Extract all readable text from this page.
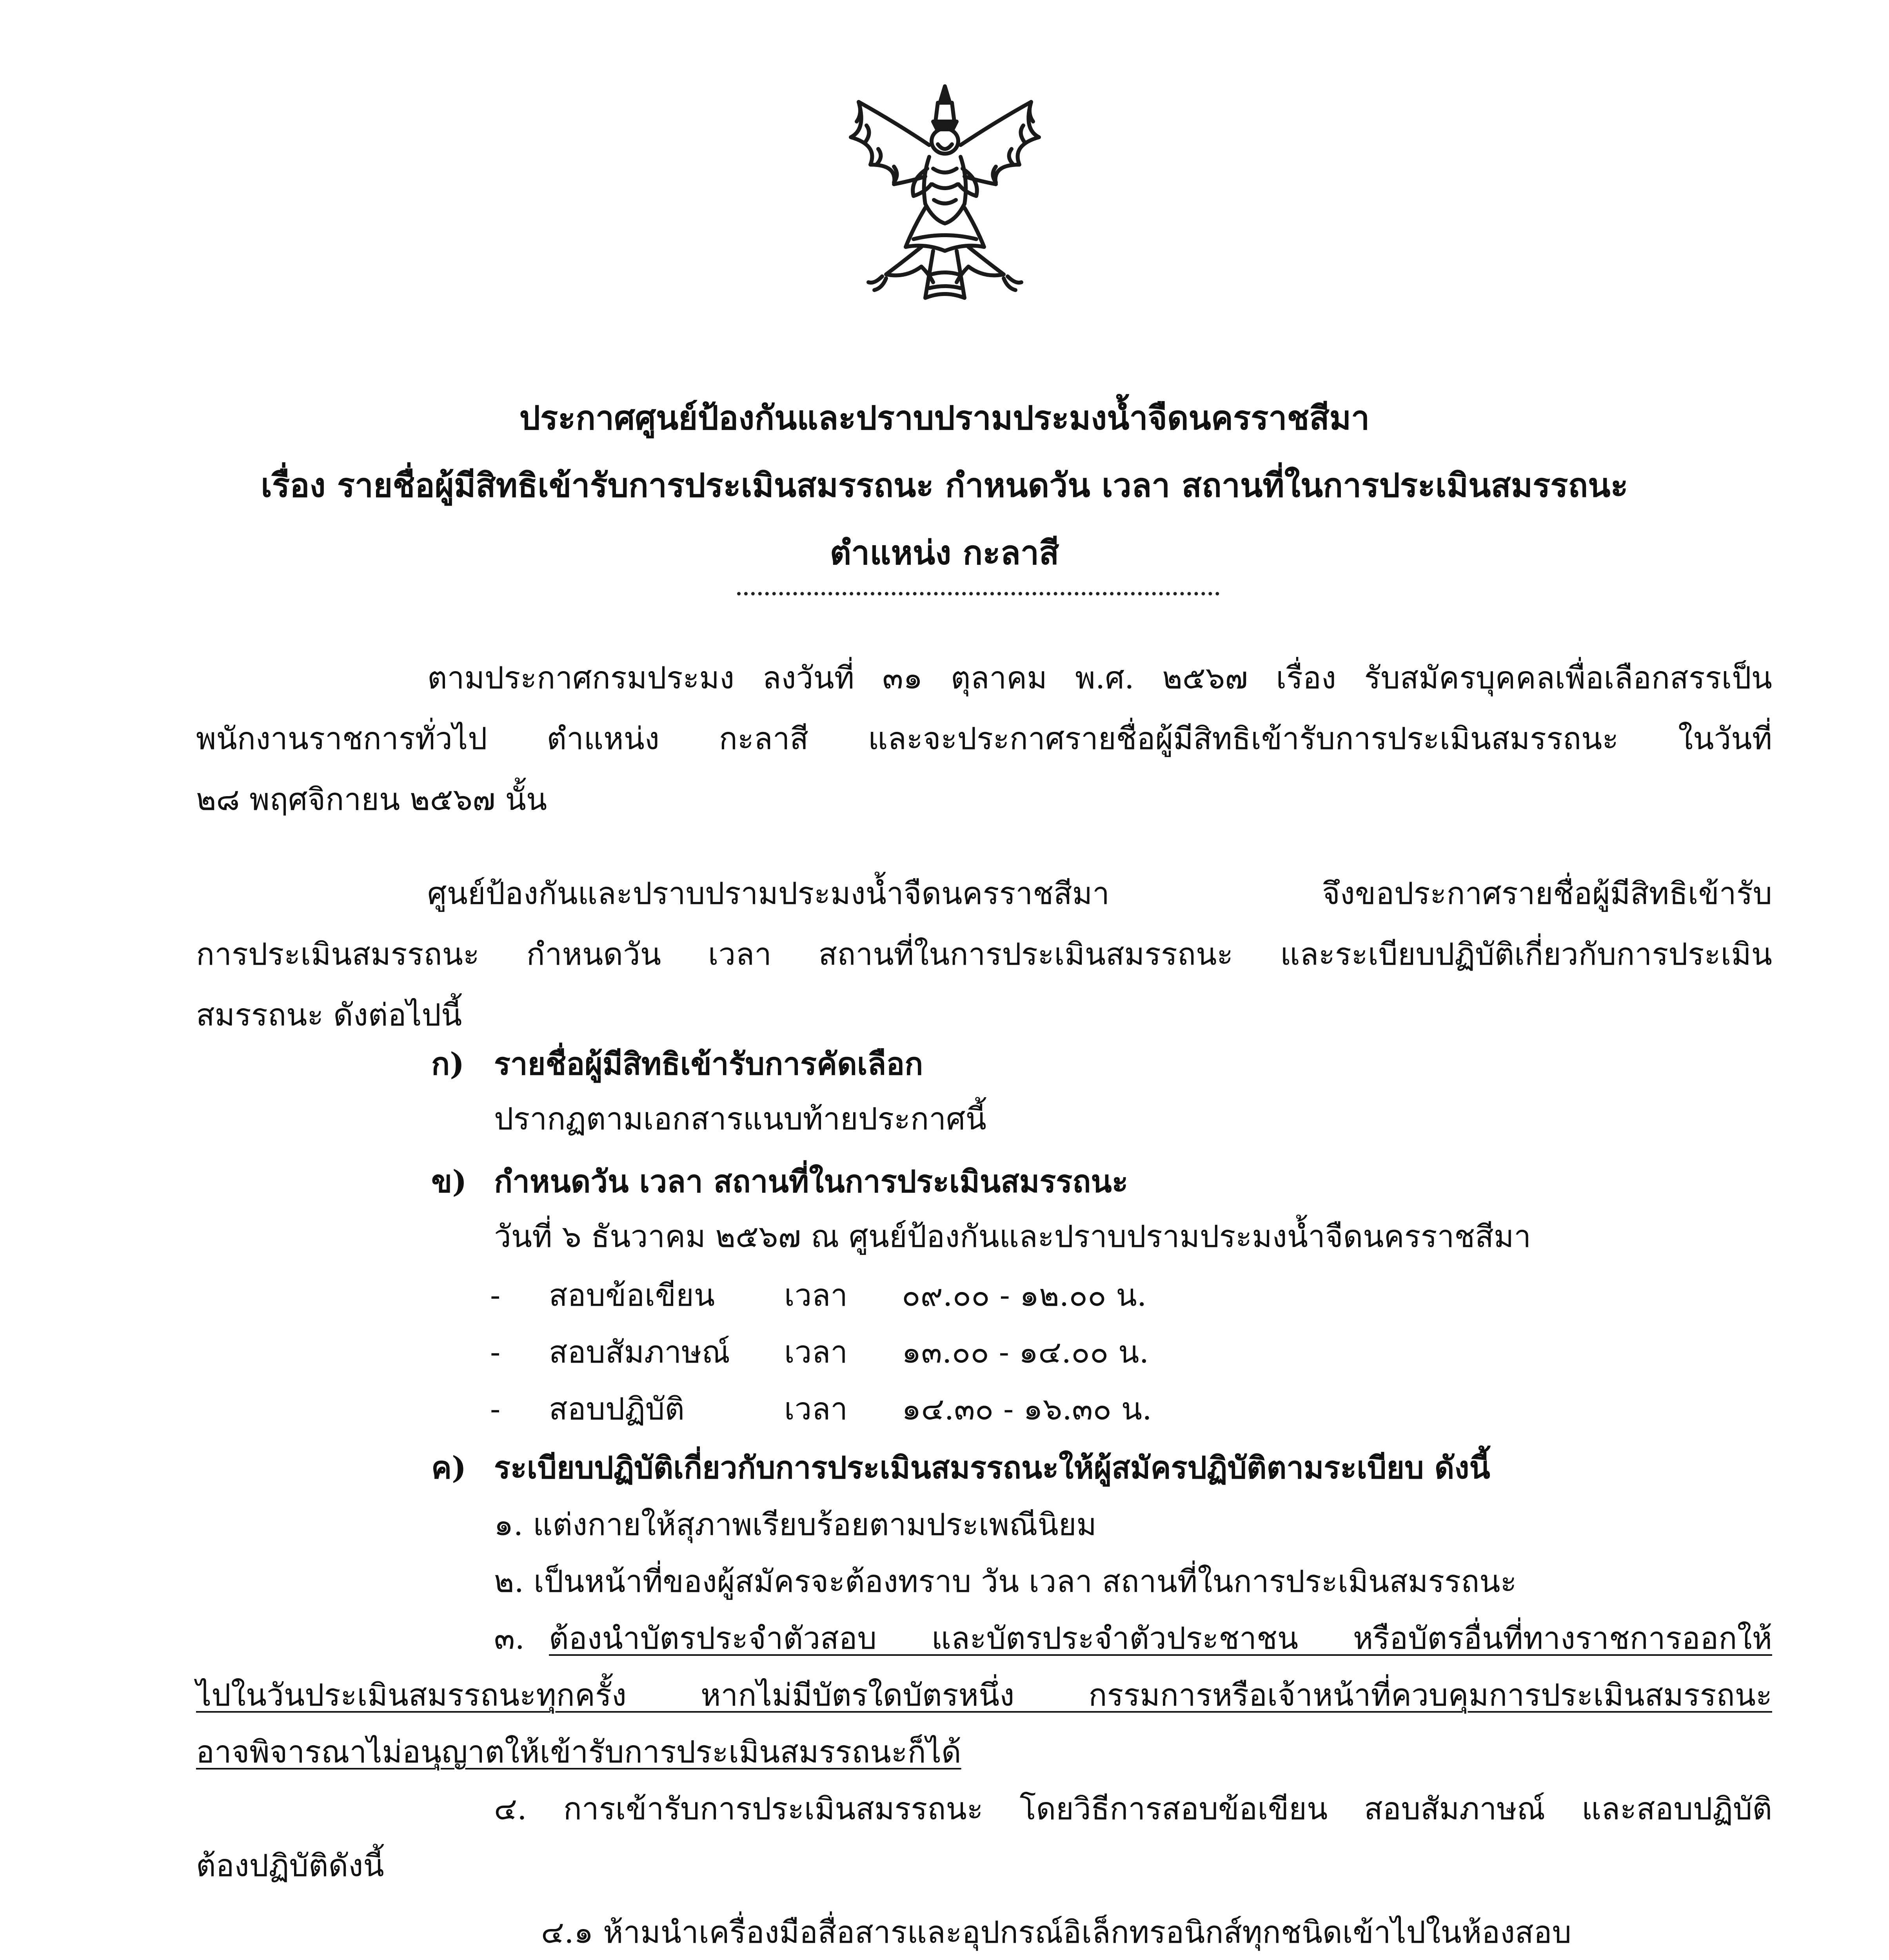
ประกาศศูนย์ป้องกันและปราบปรามประมงน้ำจืดนครราชสีมา
เรื่อง รายชื่อผู้มีสิทธิเข้ารับการประเมินสมรรถนะ กำหนดวัน เวลา สถานที่ในการประเมินสมรรถนะ
ตำแหน่ง กะลาสี
ตามประกาศกรมประมง ลงวันที่ ๓๑ ตุลาคม พ.ศ. ๒๕๖๗ เรื่อง รับสมัครบุคคลเพื่อเลือกสรรเป็น
พนักงานราชการทั่วไป ตำแหน่ง กะลาสี และจะประกาศรายชื่อผู้มีสิทธิเข้ารับการประเมินสมรรถนะ ในวันที่
๒๘ พฤศจิกายน ๒๕๖๗ นั้น
ศูนย์ป้องกันและปราบปรามประมงน้ำจืดนครราชสีมา จึงขอประกาศรายชื่อผู้มีสิทธิเข้ารับ
การประเมินสมรรถนะ กำหนดวัน เวลา สถานที่ในการประเมินสมรรถนะ และระเบียบปฏิบัติเกี่ยวกับการประเมิน
สมรรถนะ ดังต่อไปนี้
ก) รายชื่อผู้มีสิทธิเข้ารับการคัดเลือก
ปรากฏตามเอกสารแนบท้ายประกาศนี้
ข) กำหนดวัน เวลา สถานที่ในการประเมินสมรรถนะ
วันที่ ๖ ธันวาคม ๒๕๖๗ ณ ศูนย์ป้องกันและปราบปรามประมงน้ำจืดนครราชสีมา
- สอบข้อเขียน เวลา ๐๙.๐๐ - ๑๒.๐๐ น.
- สอบสัมภาษณ์ เวลา ๑๓.๐๐ - ๑๔.๐๐ น.
- สอบปฏิบัติ	เวลา ๑๔.๓๐ - ๑๖.๓๐ น.
ค) ระเบียบปฏิบัติเกี่ยวกับการประเมินสมรรถนะให้ผู้สมัครปฏิบัติตามระเบียบ ดังนี้
๑. แต่งกายให้สุภาพเรียบร้อยตามประเพณีนิยม
๒. เป็นหน้าที่ของผู้สมัครจะต้องทราบ วัน เวลา สถานที่ในการประเมินสมรรถนะ
๓. ต้องนำบัตรประจำตัวสอบ และบัตรประจำตัวประชาชน หรือบัตรอื่นที่ทางราชการออกให้
ไปในวันประเมินสมรรถนะทุกครั้ง หากไม่มีบัตรใดบัตรหนึ่ง กรรมการหรือเจ้าหน้าที่ควบคุมการประเมินสมรรถนะ
อาจพิจารณาไม่อนุญาตให้เข้ารับการประเมินสมรรถนะก็ได้
๔. การเข้ารับการประเมินสมรรถนะ โดยวิธีการสอบข้อเขียน สอบสัมภาษณ์ และสอบปฏิบัติ
ต้องปฏิบัติดังนี้
๔.๑ ห้ามนำเครื่องมือสื่อสารและอุปกรณ์อิเล็กทรอนิกส์ทุกชนิดเข้าไปในห้องสอบ
